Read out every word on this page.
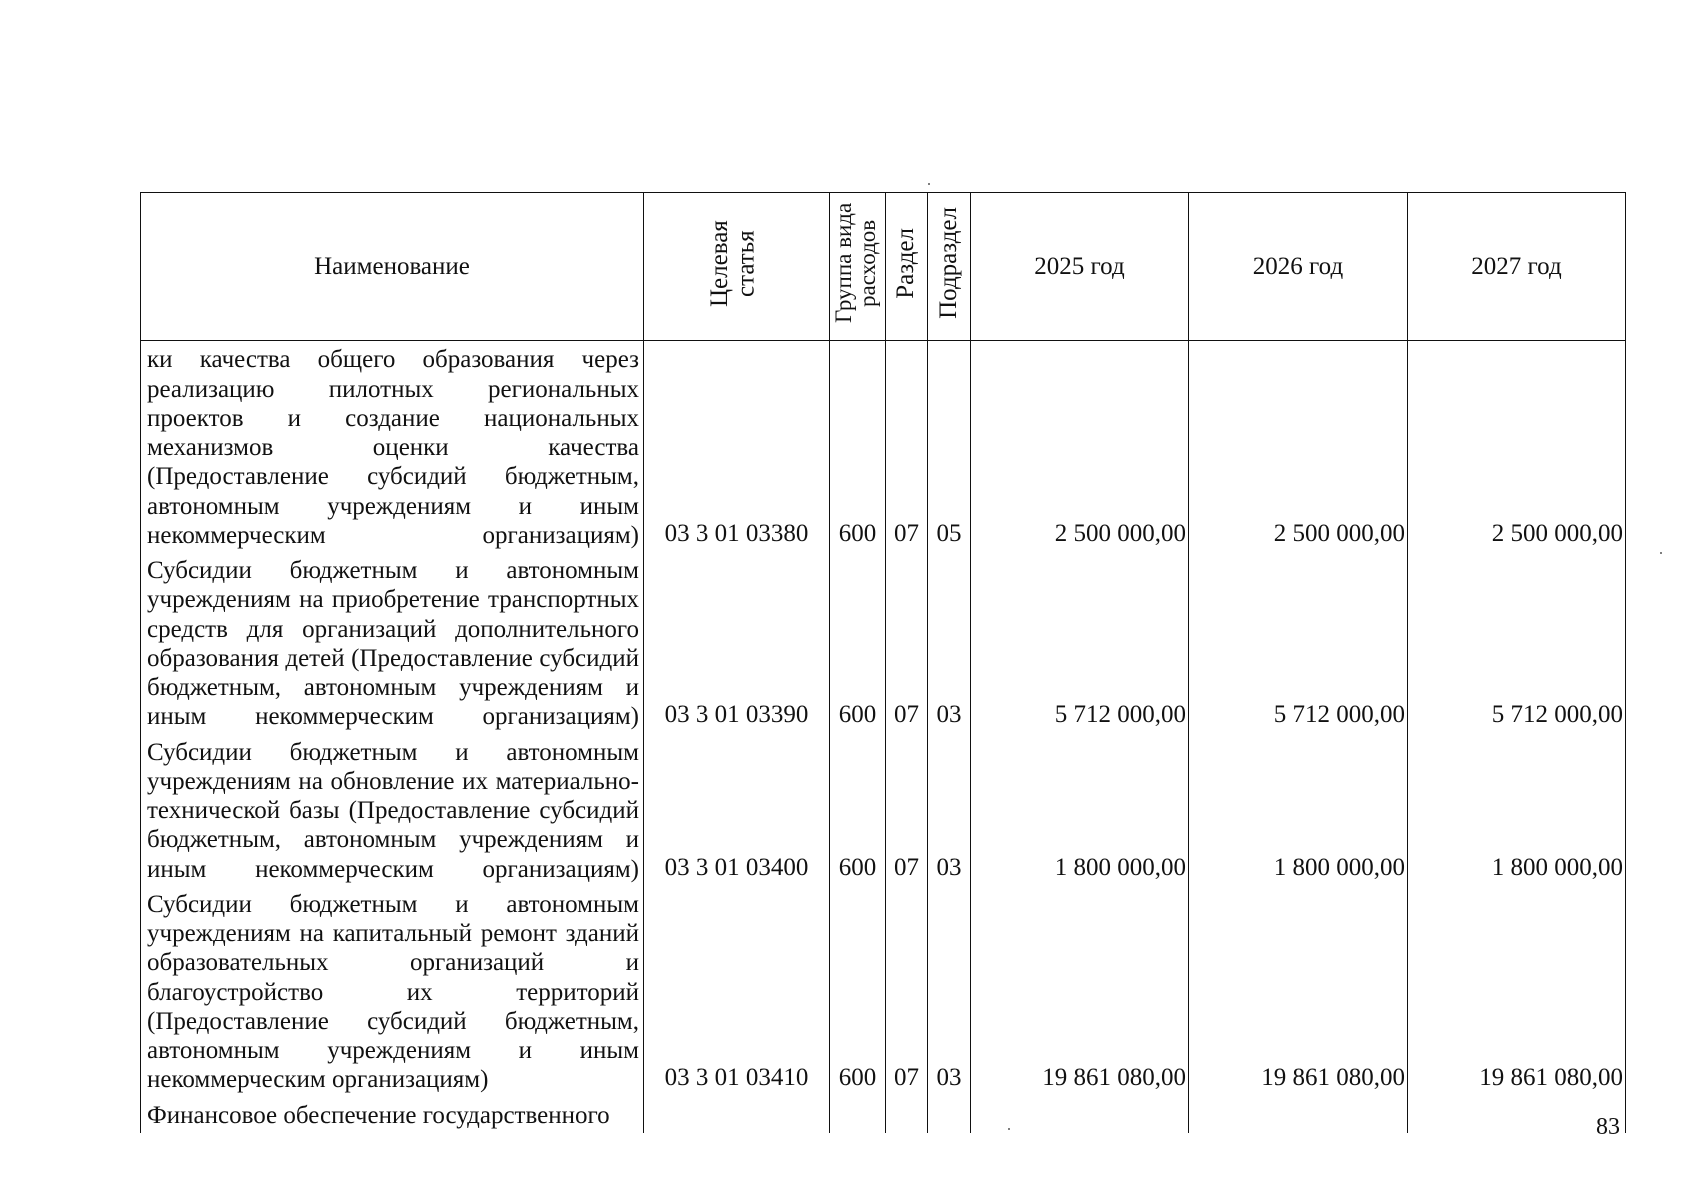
Наименование	Целевая статья	Группа вида расходов	Раздел	Подраздел	2025 год	2026 год	2027 год
ки качества общего образования через реализацию пилотных региональных проектов и создание национальных механизмов оценки качества (Предоставление субсидий бюджетным, автономным учреждениям и иным некоммерческим организациям)	03 3 01 03380	600	07	05	2 500 000,00	2 500 000,00	2 500 000,00
Субсидии бюджетным и автономным учреждениям на приобретение транспортных средств для организаций дополнительного образования детей (Предоставление субсидий бюджетным, автономным учреждениям и иным некоммерческим организациям)	03 3 01 03390	600	07	03	5 712 000,00	5 712 000,00	5 712 000,00
Субсидии бюджетным и автономным учреждениям на обновление их материально-технической базы (Предоставление субсидий бюджетным, автономным учреждениям и иным некоммерческим организациям)	03 3 01 03400	600	07	03	1 800 000,00	1 800 000,00	1 800 000,00
Субсидии бюджетным и автономным учреждениям на капитальный ремонт зданий образовательных организаций и благоустройство их территорий (Предоставление субсидий бюджетным, автономным учреждениям и иным некоммерческим организациям)	03 3 01 03410	600	07	03	19 861 080,00	19 861 080,00	19 861 080,00
Финансовое обеспечение государственного								83
